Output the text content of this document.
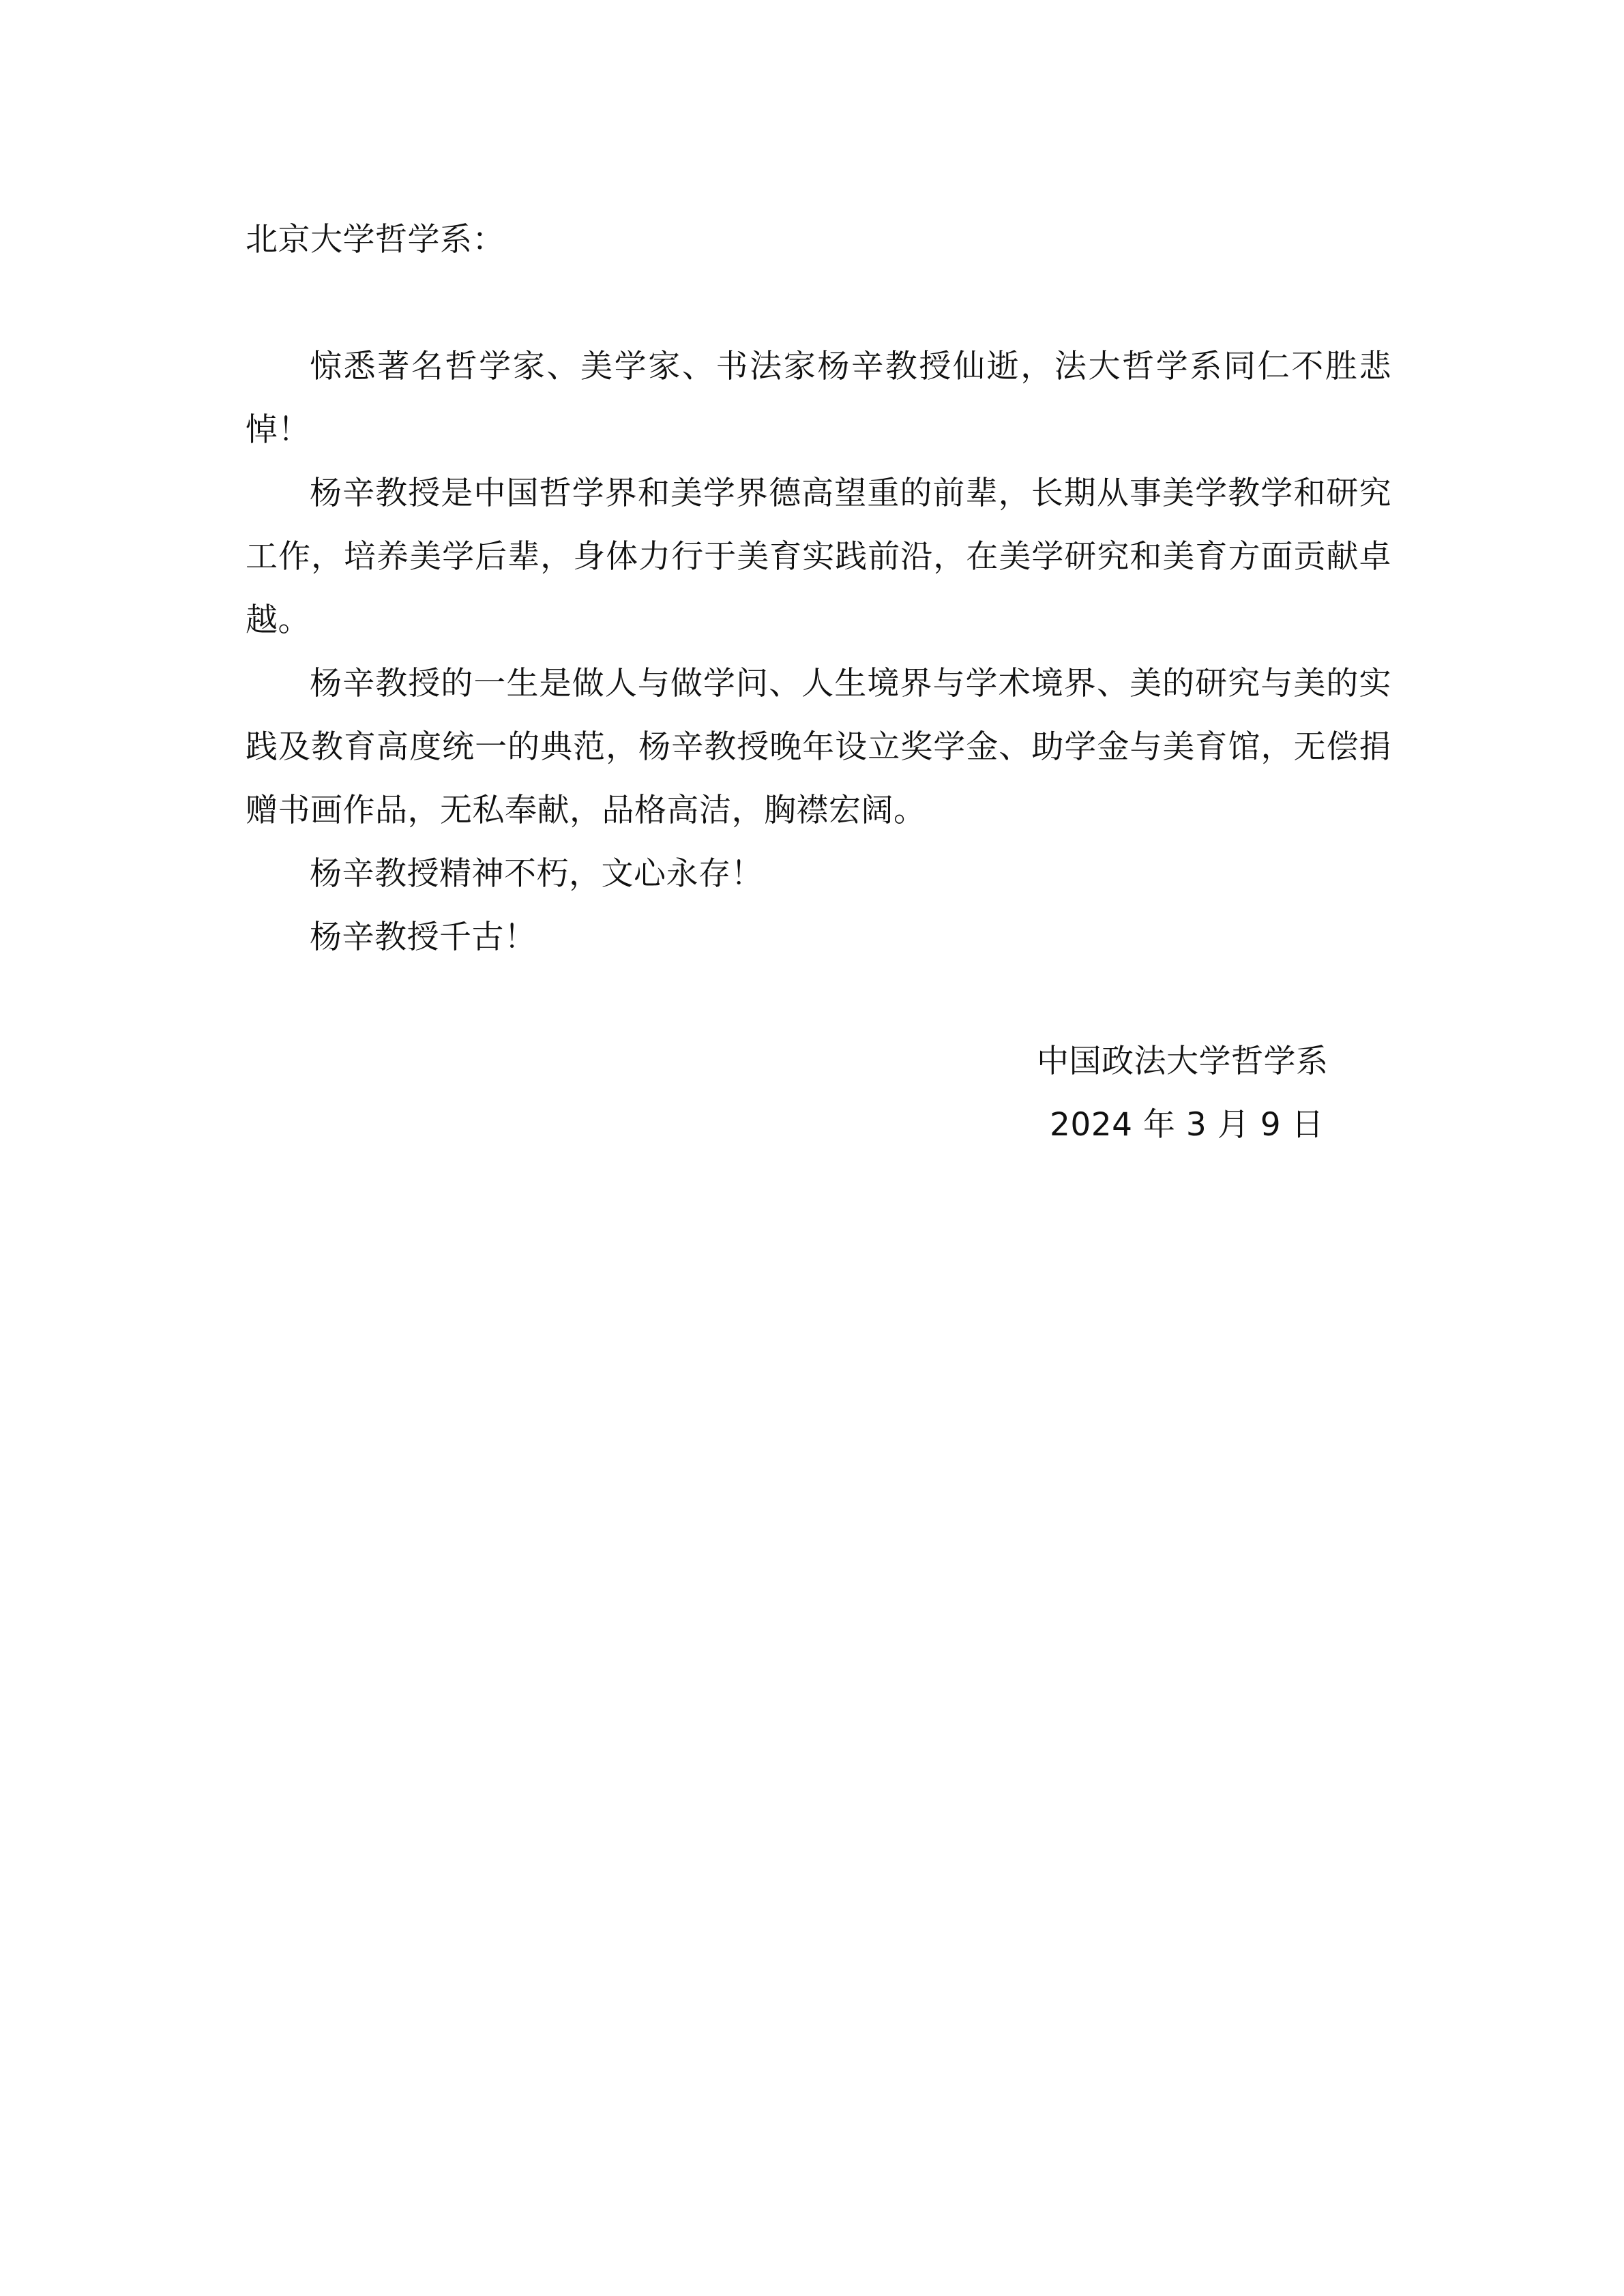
北京大学哲学系：

惊悉著名哲学家、美学家、书法家杨辛教授仙逝，法大哲学系同仁不胜悲悼！

杨辛教授是中国哲学界和美学界德高望重的前辈，长期从事美学教学和研究工作，培养美学后辈，身体力行于美育实践前沿，在美学研究和美育方面贡献卓越。

杨辛教授的一生是做人与做学问、人生境界与学术境界、美的研究与美的实践及教育高度统一的典范，杨辛教授晚年设立奖学金、助学金与美育馆，无偿捐赠书画作品，无私奉献，品格高洁，胸襟宏阔。

杨辛教授精神不朽，文心永存！

杨辛教授千古！

中国政法大学哲学系

2024 年 3 月 9 日
